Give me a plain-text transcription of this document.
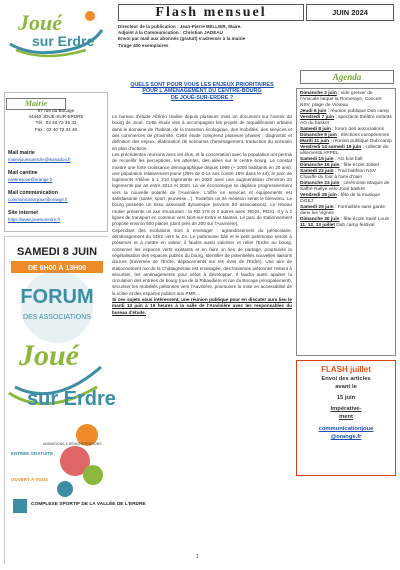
Joué
sur Erdre
Flash mensuel	JUIN 2024
Directeur de la publication : Jean-Pierre BELLIER, Maire.
Adjoint à la Communication : Christian JADEAU
Envoi par mail aux abonnés (gratuit) s'adresser à la mairie
Tirage 400 exemplaires
Mairie
87 rue du Bocage
44440 JOUE-SUR-ERDRE
Tél : 02 40 72 35 43
Fax : 02 40 72 34 40
Mail mairie
mairiejouesurerdre@wanadoo.fr
Mail cantine
cantinejoue@orange.fr
Mail communication
communicationjoue@orange.fr
Site internet
https://www.jouesurerdre.fr
SAMEDI 8 JUIN
DE 9H00 À 13H00
FORUM
DES ASSOCIATIONS
Joué
sur Erdre
ANIMATIONS & DÉMONSTRATIONS
ENTRÉE GRATUITE
OUVERT À TOUS
COMPLEXE SPORTIF DE LA VALLÉE DE L'ERDRE
QUELS SONT POUR VOUS LES ENJEUX PRIORITAIRES
POUR L'AMÉNAGEMENT DU CENTRE-BOURG
DE JOUÉ-SUR-ERDRE ?

Le bureau d'étude Altéréo réalise depuis plusieurs mois un document sur l'avenir du bourg de Joué. Cette étude vise à accompagner les projets de requalification urbaine dans le domaine de l'habitat, de la transition écologique, des mobilités, des services et des commerces de proximité. Cette étude comprend plusieurs phases : diagnostic et définition des enjeux, élaboration de scénarios d'aménagement, traduction du scénario en plan d'actions.

Les précédentes réunions avec les élus, et la concertation avec la population ont permis de recueillir les perceptions, les attentes, des idées sur le centre bourg. Le constat montre une forte croissance démographique depuis 1999 (+ 1000 habitants en 20 ans), une population relativement jeune (26% de 0-14 ans contre 18% dans le 44), le parc de logements s'élève à 1 210 logements en 2020 avec une augmentation d'environ 20 logements par an entre 2014 et 2020. La vie économique se déplace progressivement vers la nouvelle polarité de l'Auvinière. L'offre en services et équipements est satisfaisante (santé, sport, jeunesse…). Toutefois un 2è médecin serait le bienvenu. Le bourg possède un tissu associatif dynamique (environ 50 associations). Le réseau routier présente un axe structurant : la RD 178 et 2 autres axes :RD24, RD31. Il y a 2 lignes de transport en commun vers Nort-sur-Erdre et Nantes. Le parc de stationnement propose environ 500 places (dont près de 200 sur l'Auvinière).

Cependant des évolutions sont à envisager : agrandissement du périscolaire, déménagement du SDIS vers la ZA. Le patrimoine bâti et le petit patrimoine seront à préserver et à mettre en valeur, il faudra aussi valoriser et relier l'Erdre au bourg, conserver les espaces verts existants et en faire un lieu de partage, poursuivre la végétalisation des espaces publics du bourg. Identifier de potentielles nouvelles liaisons douces (traversée de l'Erdre, déplacements sur les rives de l'Erdre). Une aire de stationnement rue de la Châtaigneraie est envisagée, des traverses piétonnes restent à sécuriser, les aménagements pour vélos à développer. Il faudra aussi apaiser la circulation des entrées de bourg (rue de la Ribaudière et rue du Bocage principalement), sécuriser les mobilités piétonnes vers l'Auvinière, poursuivre la mise en accessibilité de la voirie et des espaces publics aux PMR…

Si ces sujets vous intéressent, une réunion publique pour en discuter aura lieu le mardi 13 juin à 19 heures à la salle de l'Auvinière avec les responsables du bureau d'étude.

1
Agenda
Dimanche 2 juin : vide grenier de l'Amicale laïque la Romeraye, Concert NSV, plage de Vioreau
Jeudi 6 juin : réunion publique Dub camp
Vendredi 7 juin : spectacle théâtre enfants AG du basket
Samedi 8 juin : forum des associations
Dimanche 9 juin : élections européennes
Mardi 11 juin : réunion publique Dub camp
Vendredi 14 samedi 15 juin : collecte de vêtements APPEL
Samedi 15 juin : AG foot ball
Dimanche 16 juin : fête école Jolivet
Samedi 22 juin : Trail biathlon NSV Chauffe du four à l'ami d'pain
Dimanche 23 juin : cérémonie Maquis de Saffré Rallye vélo Joué basket
Vendredi 28 juin : fête de la musique OGEJ
Samedi 29 juin : Formalités sans garde dans les Vignes
Dimanche 30 juin : fête école Saint Louis
11, 12, 13 juillet Dub camp festival
FLASH juillet
Envoi des articles
avant le
15 juin
Impérative-
ment
communicationjoue
@orange.fr
